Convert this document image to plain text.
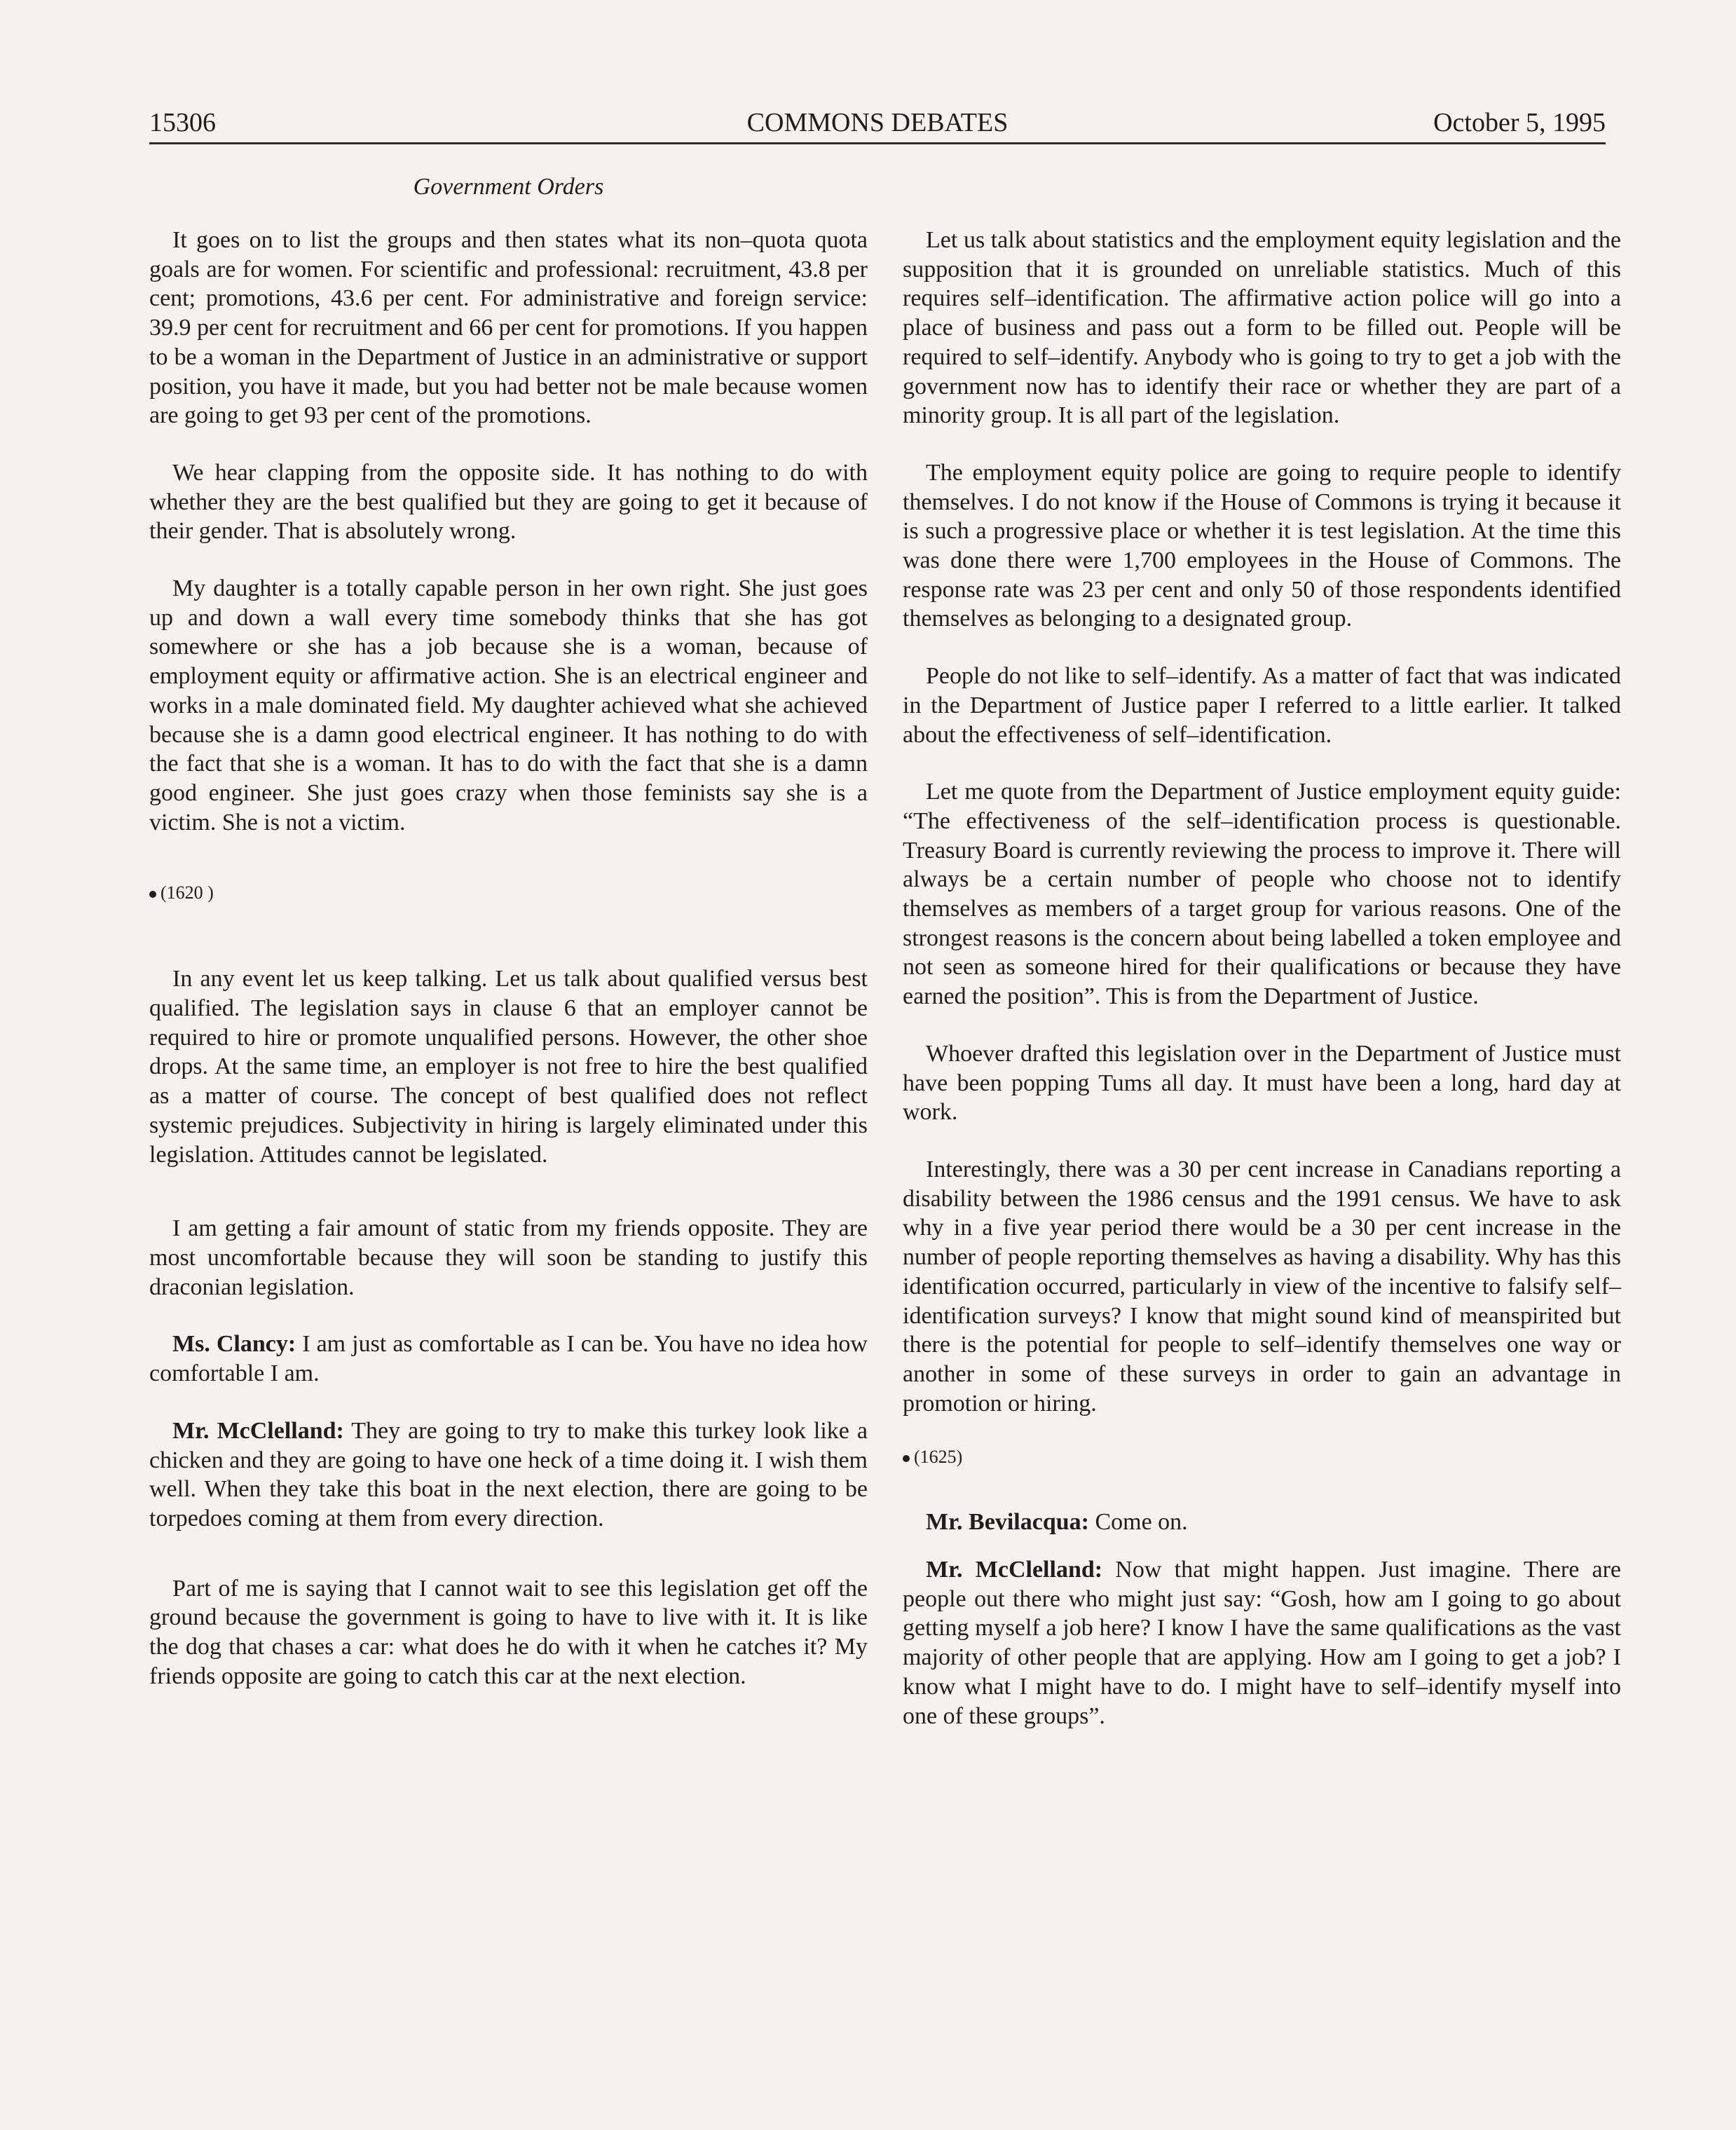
15306	COMMONS DEBATES	October 5, 1995
Government Orders

It goes on to list the groups and then states what its non–quota quota goals are for women. For scientific and professional: recruitment, 43.8 per cent; promotions, 43.6 per cent. For administrative and foreign service: 39.9 per cent for recruitment and 66 per cent for promotions. If you happen to be a woman in the Department of Justice in an administrative or support position, you have it made, but you had better not be male because women are going to get 93 per cent of the promotions.

We hear clapping from the opposite side. It has nothing to do with whether they are the best qualified but they are going to get it because of their gender. That is absolutely wrong.

My daughter is a totally capable person in her own right. She just goes up and down a wall every time somebody thinks that she has got somewhere or she has a job because she is a woman, because of employment equity or affirmative action. She is an electrical engineer and works in a male dominated field. My daughter achieved what she achieved because she is a damn good electrical engineer. It has nothing to do with the fact that she is a woman. It has to do with the fact that she is a damn good engineer. She just goes crazy when those feminists say she is a victim. She is not a victim.

(1620 )

In any event let us keep talking. Let us talk about qualified versus best qualified. The legislation says in clause 6 that an employer cannot be required to hire or promote unqualified persons. However, the other shoe drops. At the same time, an employer is not free to hire the best qualified as a matter of course. The concept of best qualified does not reflect systemic prejudices. Subjectivity in hiring is largely eliminated under this legislation. Attitudes cannot be legislated.

I am getting a fair amount of static from my friends opposite. They are most uncomfortable because they will soon be standing to justify this draconian legislation.

Ms. Clancy: I am just as comfortable as I can be. You have no idea how comfortable I am.

Mr. McClelland: They are going to try to make this turkey look like a chicken and they are going to have one heck of a time doing it. I wish them well. When they take this boat in the next election, there are going to be torpedoes coming at them from every direction.

Part of me is saying that I cannot wait to see this legislation get off the ground because the government is going to have to live with it. It is like the dog that chases a car: what does he do with it when he catches it? My friends opposite are going to catch this car at the next election.

Let us talk about statistics and the employment equity legislation and the supposition that it is grounded on unreliable statistics. Much of this requires self–identification. The affirmative action police will go into a place of business and pass out a form to be filled out. People will be required to self–identify. Anybody who is going to try to get a job with the government now has to identify their race or whether they are part of a minority group. It is all part of the legislation.

The employment equity police are going to require people to identify themselves. I do not know if the House of Commons is trying it because it is such a progressive place or whether it is test legislation. At the time this was done there were 1,700 employees in the House of Commons. The response rate was 23 per cent and only 50 of those respondents identified themselves as belonging to a designated group.

People do not like to self–identify. As a matter of fact that was indicated in the Department of Justice paper I referred to a little earlier. It talked about the effectiveness of self–identification.

Let me quote from the Department of Justice employment equity guide: “The effectiveness of the self–identification process is questionable. Treasury Board is currently reviewing the process to improve it. There will always be a certain number of people who choose not to identify themselves as members of a target group for various reasons. One of the strongest reasons is the concern about being labelled a token employee and not seen as someone hired for their qualifications or because they have earned the position”. This is from the Department of Justice.

Whoever drafted this legislation over in the Department of Justice must have been popping Tums all day. It must have been a long, hard day at work.

Interestingly, there was a 30 per cent increase in Canadians reporting a disability between the 1986 census and the 1991 census. We have to ask why in a five year period there would be a 30 per cent increase in the number of people reporting themselves as having a disability. Why has this identification occurred, particularly in view of the incentive to falsify self–identification surveys? I know that might sound kind of meanspirited but there is the potential for people to self–identify themselves one way or another in some of these surveys in order to gain an advantage in promotion or hiring.

(1625)

Mr. Bevilacqua: Come on.

Mr. McClelland: Now that might happen. Just imagine. There are people out there who might just say: “Gosh, how am I going to go about getting myself a job here? I know I have the same qualifications as the vast majority of other people that are applying. How am I going to get a job? I know what I might have to do. I might have to self–identify myself into one of these groups”.
